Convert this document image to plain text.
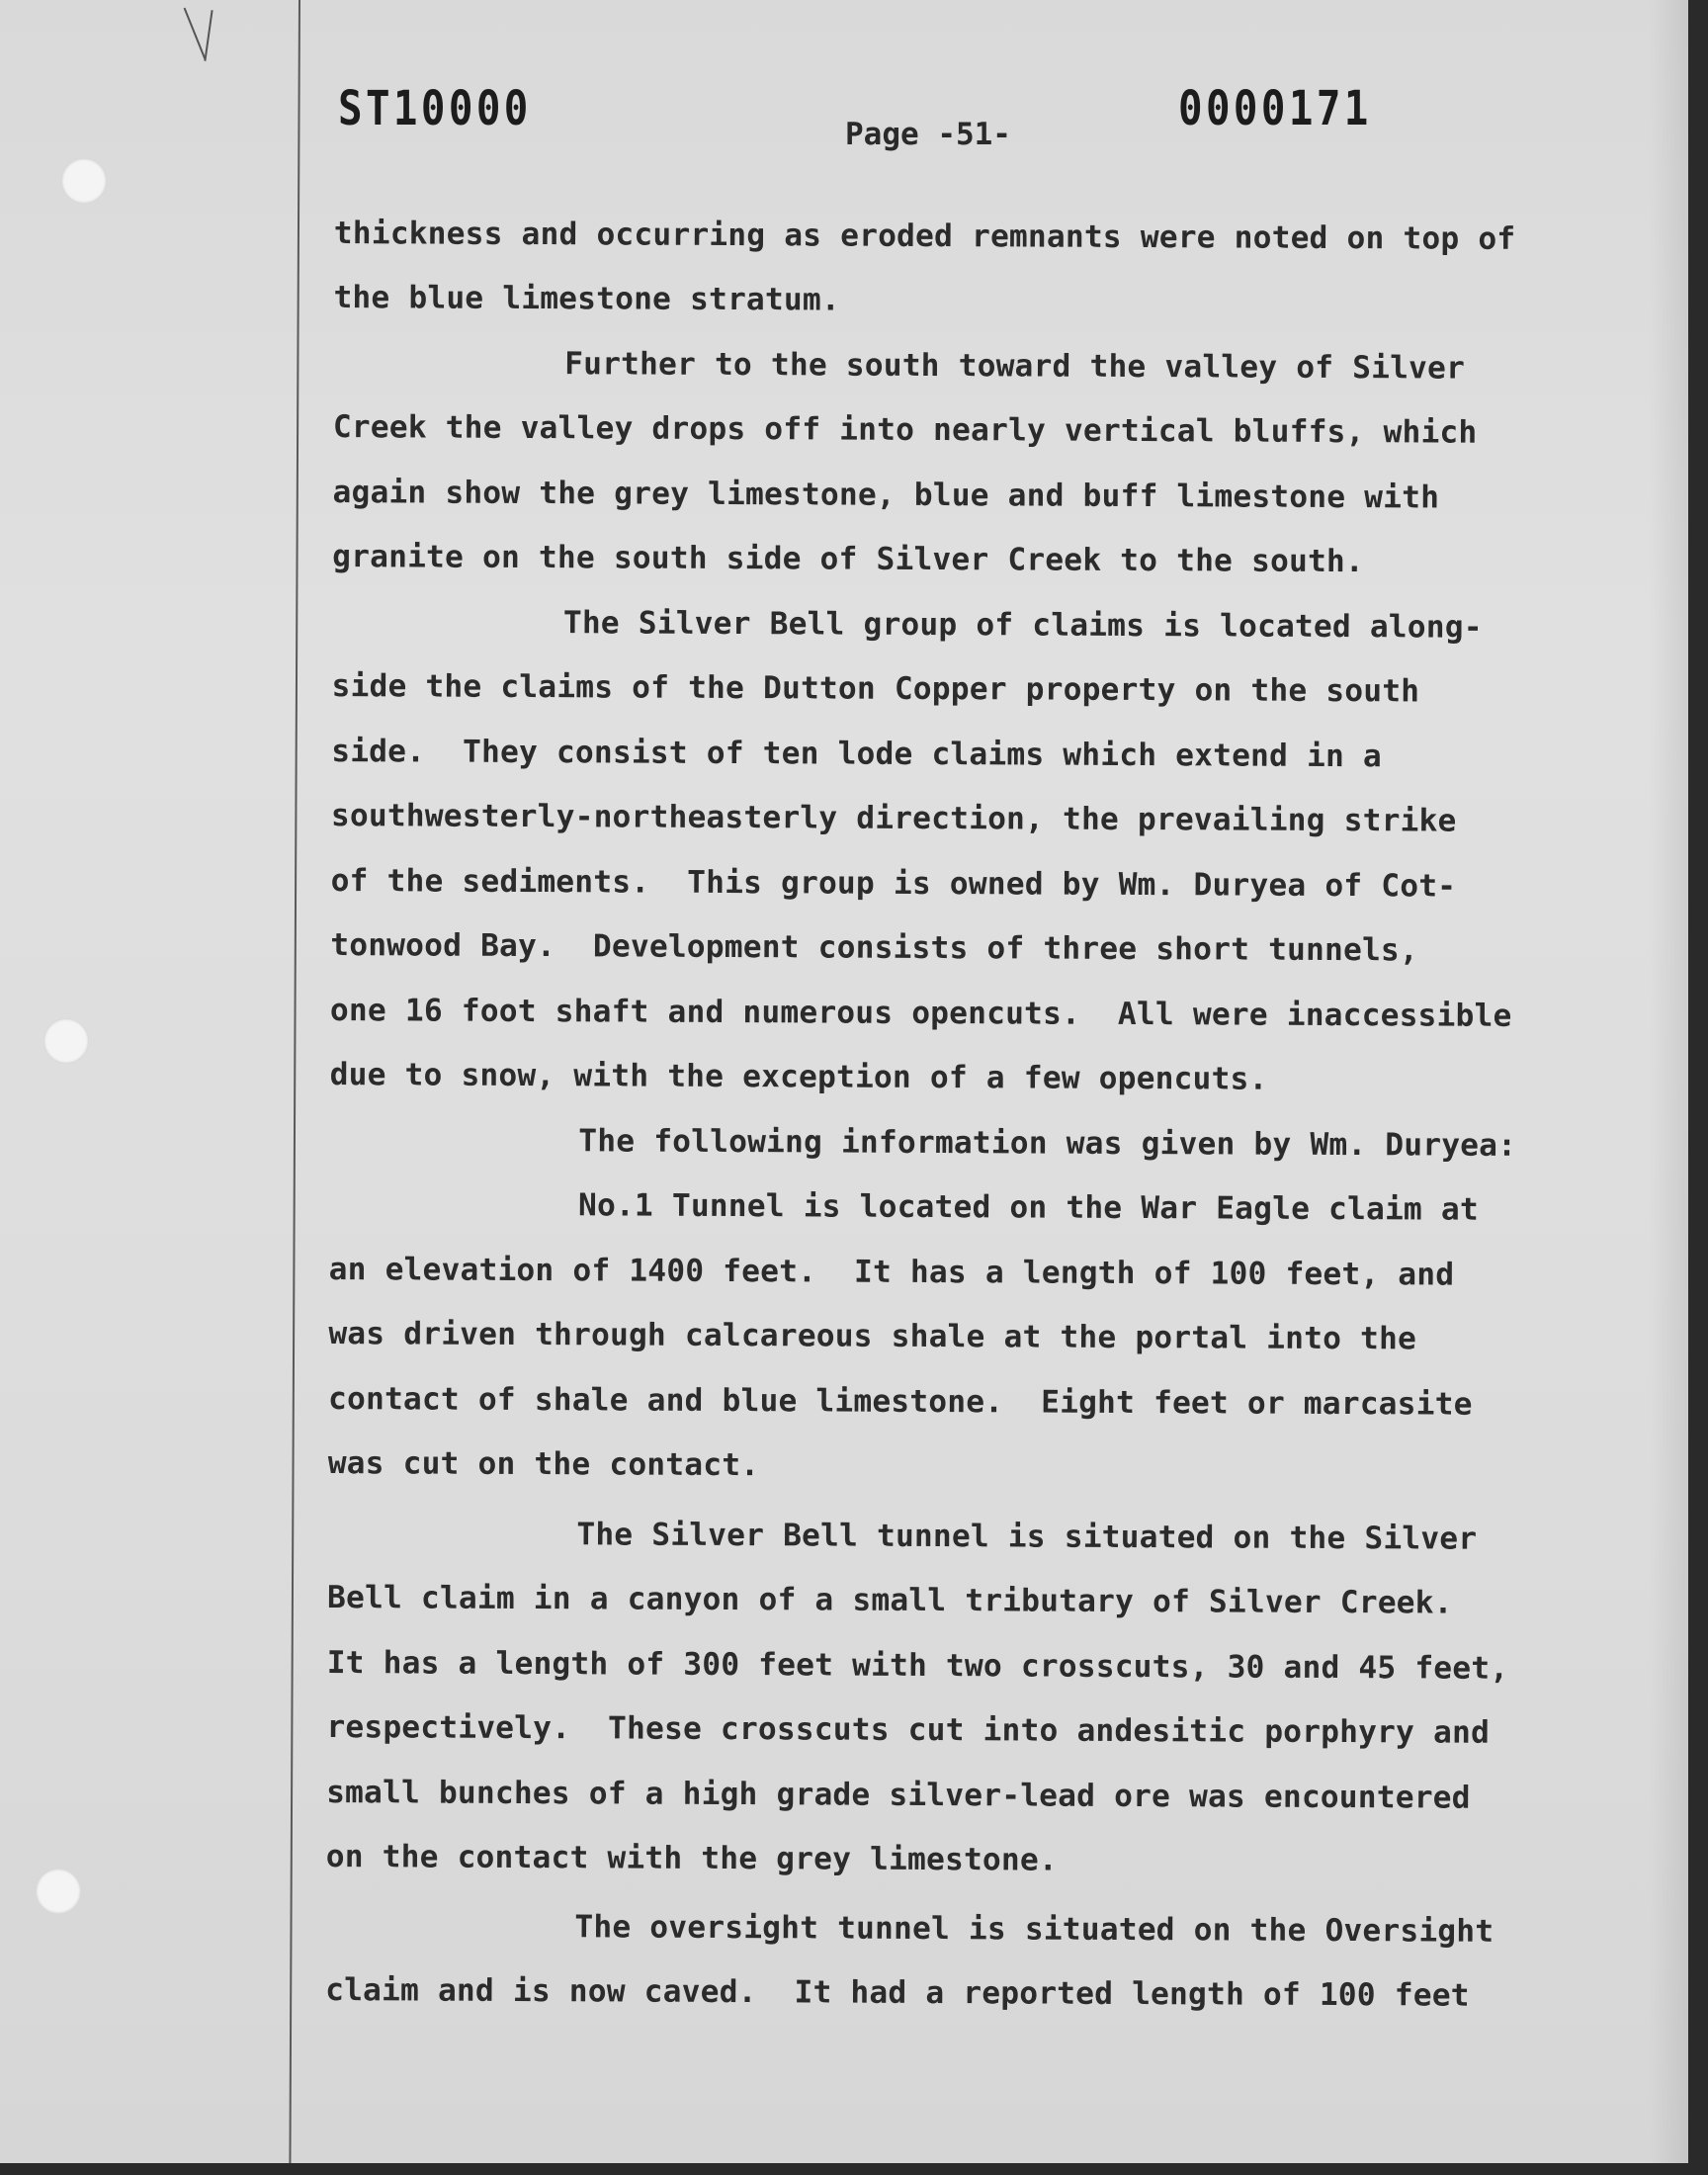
ST10000	0000171
Page -51-
thickness and occurring as eroded remnants were noted on top of
the blue limestone stratum.
Further to the south toward the valley of Silver
Creek the valley drops off into nearly vertical bluffs, which
again show the grey limestone, blue and buff limestone with
granite on the south side of Silver Creek to the south.
The Silver Bell group of claims is located along-
side the claims of the Dutton Copper property on the south
side.  They consist of ten lode claims which extend in a
southwesterly-northeasterly direction, the prevailing strike
of the sediments.  This group is owned by Wm. Duryea of Cot-
tonwood Bay.  Development consists of three short tunnels,
one 16 foot shaft and numerous opencuts.  All were inaccessible
due to snow, with the exception of a few opencuts.
The following information was given by Wm. Duryea:
No.1 Tunnel is located on the War Eagle claim at
an elevation of 1400 feet.  It has a length of 100 feet, and
was driven through calcareous shale at the portal into the
contact of shale and blue limestone.  Eight feet or marcasite
was cut on the contact.
The Silver Bell tunnel is situated on the Silver
Bell claim in a canyon of a small tributary of Silver Creek.
It has a length of 300 feet with two crosscuts, 30 and 45 feet,
respectively.  These crosscuts cut into andesitic porphyry and
small bunches of a high grade silver-lead ore was encountered
on the contact with the grey limestone.
The oversight tunnel is situated on the Oversight
claim and is now caved.  It had a reported length of 100 feet
